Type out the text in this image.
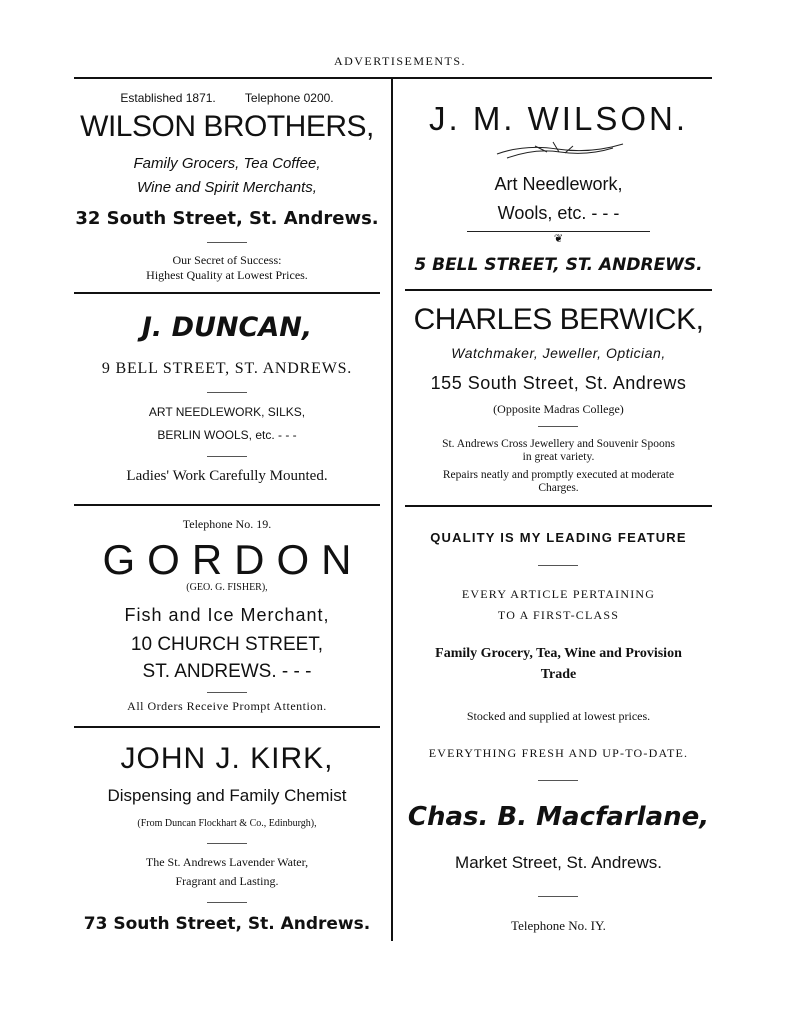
ADVERTISEMENTS.
Established 1871. Telephone 0200.
WILSON BROTHERS,
Family Grocers, Tea Coffee,
Wine and Spirit Merchants,
32 South Street, St. Andrews.
Our Secret of Success:
Highest Quality at Lowest Prices.
J. DUNCAN,
9 BELL STREET, ST. ANDREWS.
ART NEEDLEWORK, SILKS,
BERLIN WOOLS, etc. - - -
Ladies' Work Carefully Mounted.
Telephone No. 19.
GORDON
(GEO. G. FISHER),
Fish and Ice Merchant,
10 CHURCH STREET,
ST. ANDREWS. - - -
All Orders Receive Prompt Attention.
JOHN J. KIRK,
Dispensing and Family Chemist
(From Duncan Flockhart & Co., Edinburgh),
The St. Andrews Lavender Water,
Fragrant and Lasting.
73 South Street, St. Andrews.
J. M. WILSON.
Art Needlework,
Wools, etc. - - -
❦
5 BELL STREET, ST. ANDREWS.
CHARLES BERWICK,
Watchmaker, Jeweller, Optician,
155 South Street, St. Andrews
(Opposite Madras College)
St. Andrews Cross Jewellery and Souvenir Spoons
in great variety.
Repairs neatly and promptly executed at moderate
Charges.
QUALITY IS MY LEADING FEATURE
EVERY ARTICLE PERTAINING
TO A FIRST-CLASS
Family Grocery, Tea, Wine and Provision
Trade
Stocked and supplied at lowest prices.
EVERYTHING FRESH AND UP-TO-DATE.
Chas. B. Macfarlane,
Market Street, St. Andrews.
Telephone No. IY.
